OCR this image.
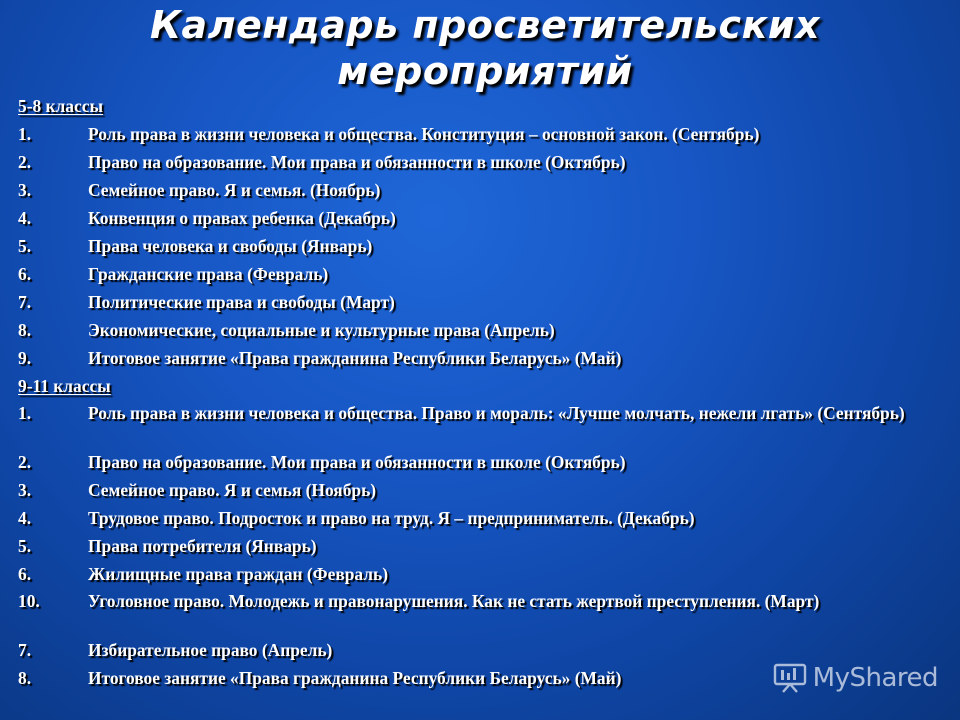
Календарь просветительских мероприятий
5-8 классы
1.	Роль права в жизни человека и общества. Конституция – основной закон. (Сентябрь)
2.	Право на образование. Мои права и обязанности в школе (Октябрь)
3.	Семейное право. Я и семья. (Ноябрь)
4.	Конвенция о правах ребенка (Декабрь)
5.	Права человека и свободы (Январь)
6.	Гражданские права (Февраль)
7.	Политические права и свободы (Март)
8.	Экономические, социальные и культурные права (Апрель)
9.	Итоговое занятие «Права гражданина Республики Беларусь» (Май)
9-11 классы
1.	Роль права в жизни человека и общества. Право и мораль: «Лучше молчать, нежели лгать» (Сентябрь)
2.	Право на образование. Мои права и обязанности в школе (Октябрь)
3.	Семейное право. Я и семья (Ноябрь)
4.	Трудовое право. Подросток и право на труд. Я – предприниматель. (Декабрь)
5.	Права потребителя (Январь)
6.	Жилищные права граждан (Февраль)
10.	Уголовное право. Молодежь и правонарушения. Как не стать жертвой преступления. (Март)
7.	Избирательное право (Апрель)
8.	Итоговое занятие «Права гражданина Республики Беларусь» (Май)	MyShared
